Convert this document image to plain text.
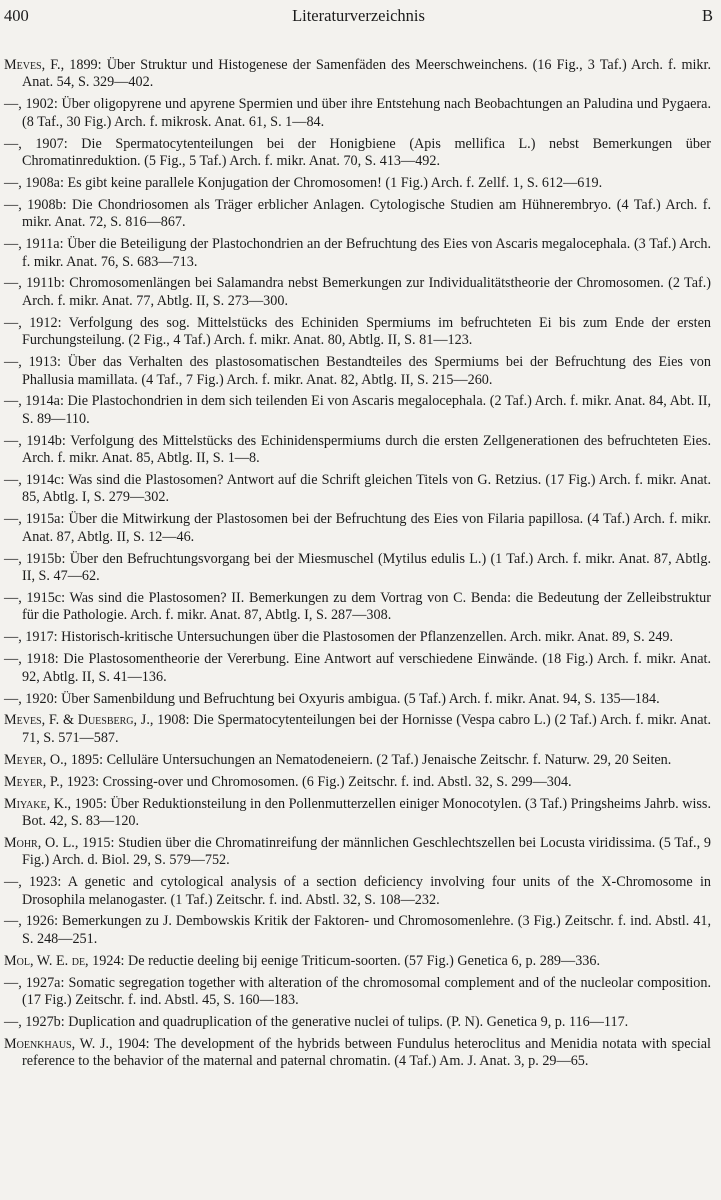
400	Literaturverzeichnis	B

Meves, F., 1899: Über Struktur und Histogenese der Samenfäden des Meerschweinchens. (16 Fig., 3 Taf.) Arch. f. mikr. Anat. 54, S. 329—402.

—, 1902: Über oligopyrene und apyrene Spermien und über ihre Entstehung nach Beobachtungen an Paludina und Pygaera. (8 Taf., 30 Fig.) Arch. f. mikrosk. Anat. 61, S. 1—84.

—, 1907: Die Spermatocytenteilungen bei der Honigbiene (Apis mellifica L.) nebst Bemerkungen über Chromatinreduktion. (5 Fig., 5 Taf.) Arch. f. mikr. Anat. 70, S. 413—492.

—, 1908a: Es gibt keine parallele Konjugation der Chromosomen! (1 Fig.) Arch. f. Zellf. 1, S. 612—619.

—, 1908b: Die Chondriosomen als Träger erblicher Anlagen. Cytologische Studien am Hühnerembryo. (4 Taf.) Arch. f. mikr. Anat. 72, S. 816—867.

—, 1911a: Über die Beteiligung der Plastochondrien an der Befruchtung des Eies von Ascaris megalocephala. (3 Taf.) Arch. f. mikr. Anat. 76, S. 683—713.

—, 1911b: Chromosomenlängen bei Salamandra nebst Bemerkungen zur Individualitätstheorie der Chromosomen. (2 Taf.) Arch. f. mikr. Anat. 77, Abtlg. II, S. 273—300.

—, 1912: Verfolgung des sog. Mittelstücks des Echiniden Spermiums im befruchteten Ei bis zum Ende der ersten Furchungsteilung. (2 Fig., 4 Taf.) Arch. f. mikr. Anat. 80, Abtlg. II, S. 81—123.

—, 1913: Über das Verhalten des plastosomatischen Bestandteiles des Spermiums bei der Befruchtung des Eies von Phallusia mamillata. (4 Taf., 7 Fig.) Arch. f. mikr. Anat. 82, Abtlg. II, S. 215—260.

—, 1914a: Die Plastochondrien in dem sich teilenden Ei von Ascaris megalocephala. (2 Taf.) Arch. f. mikr. Anat. 84, Abt. II, S. 89—110.

—, 1914b: Verfolgung des Mittelstücks des Echinidenspermiums durch die ersten Zellgenerationen des befruchteten Eies. Arch. f. mikr. Anat. 85, Abtlg. II, S. 1—8.

—, 1914c: Was sind die Plastosomen? Antwort auf die Schrift gleichen Titels von G. Retzius. (17 Fig.) Arch. f. mikr. Anat. 85, Abtlg. I, S. 279—302.

—, 1915a: Über die Mitwirkung der Plastosomen bei der Befruchtung des Eies von Filaria papillosa. (4 Taf.) Arch. f. mikr. Anat. 87, Abtlg. II, S. 12—46.

—, 1915b: Über den Befruchtungsvorgang bei der Miesmuschel (Mytilus edulis L.) (1 Taf.) Arch. f. mikr. Anat. 87, Abtlg. II, S. 47—62.

—, 1915c: Was sind die Plastosomen? II. Bemerkungen zu dem Vortrag von C. Benda: die Bedeutung der Zelleibstruktur für die Pathologie. Arch. f. mikr. Anat. 87, Abtlg. I, S. 287—308.

—, 1917: Historisch-kritische Untersuchungen über die Plastosomen der Pflanzenzellen. Arch. mikr. Anat. 89, S. 249.

—, 1918: Die Plastosomentheorie der Vererbung. Eine Antwort auf verschiedene Einwände. (18 Fig.) Arch. f. mikr. Anat. 92, Abtlg. II, S. 41—136.

—, 1920: Über Samenbildung und Befruchtung bei Oxyuris ambigua. (5 Taf.) Arch. f. mikr. Anat. 94, S. 135—184.

Meves, F. & Duesberg, J., 1908: Die Spermatocytenteilungen bei der Hornisse (Vespa cabro L.) (2 Taf.) Arch. f. mikr. Anat. 71, S. 571—587.

Meyer, O., 1895: Celluläre Untersuchungen an Nematodeneiern. (2 Taf.) Jenaische Zeitschr. f. Naturw. 29, 20 Seiten.

Meyer, P., 1923: Crossing-over und Chromosomen. (6 Fig.) Zeitschr. f. ind. Abstl. 32, S. 299—304.

Miyake, K., 1905: Über Reduktionsteilung in den Pollenmutterzellen einiger Monocotylen. (3 Taf.) Pringsheims Jahrb. wiss. Bot. 42, S. 83—120.

Mohr, O. L., 1915: Studien über die Chromatinreifung der männlichen Geschlechtszellen bei Locusta viridissima. (5 Taf., 9 Fig.) Arch. d. Biol. 29, S. 579—752.

—, 1923: A genetic and cytological analysis of a section deficiency involving four units of the X-Chromosome in Drosophila melanogaster. (1 Taf.) Zeitschr. f. ind. Abstl. 32, S. 108—232.

—, 1926: Bemerkungen zu J. Dembowskis Kritik der Faktoren- und Chromosomenlehre. (3 Fig.) Zeitschr. f. ind. Abstl. 41, S. 248—251.

Mol, W. E. de, 1924: De reductie deeling bij eenige Triticum-soorten. (57 Fig.) Genetica 6, p. 289—336.

—, 1927a: Somatic segregation together with alteration of the chromosomal complement and of the nucleolar composition. (17 Fig.) Zeitschr. f. ind. Abstl. 45, S. 160—183.

—, 1927b: Duplication and quadruplication of the generative nuclei of tulips. (P. N). Genetica 9, p. 116—117.

Moenkhaus, W. J., 1904: The development of the hybrids between Fundulus heteroclitus and Menidia notata with special reference to the behavior of the maternal and paternal chromatin. (4 Taf.) Am. J. Anat. 3, p. 29—65.
